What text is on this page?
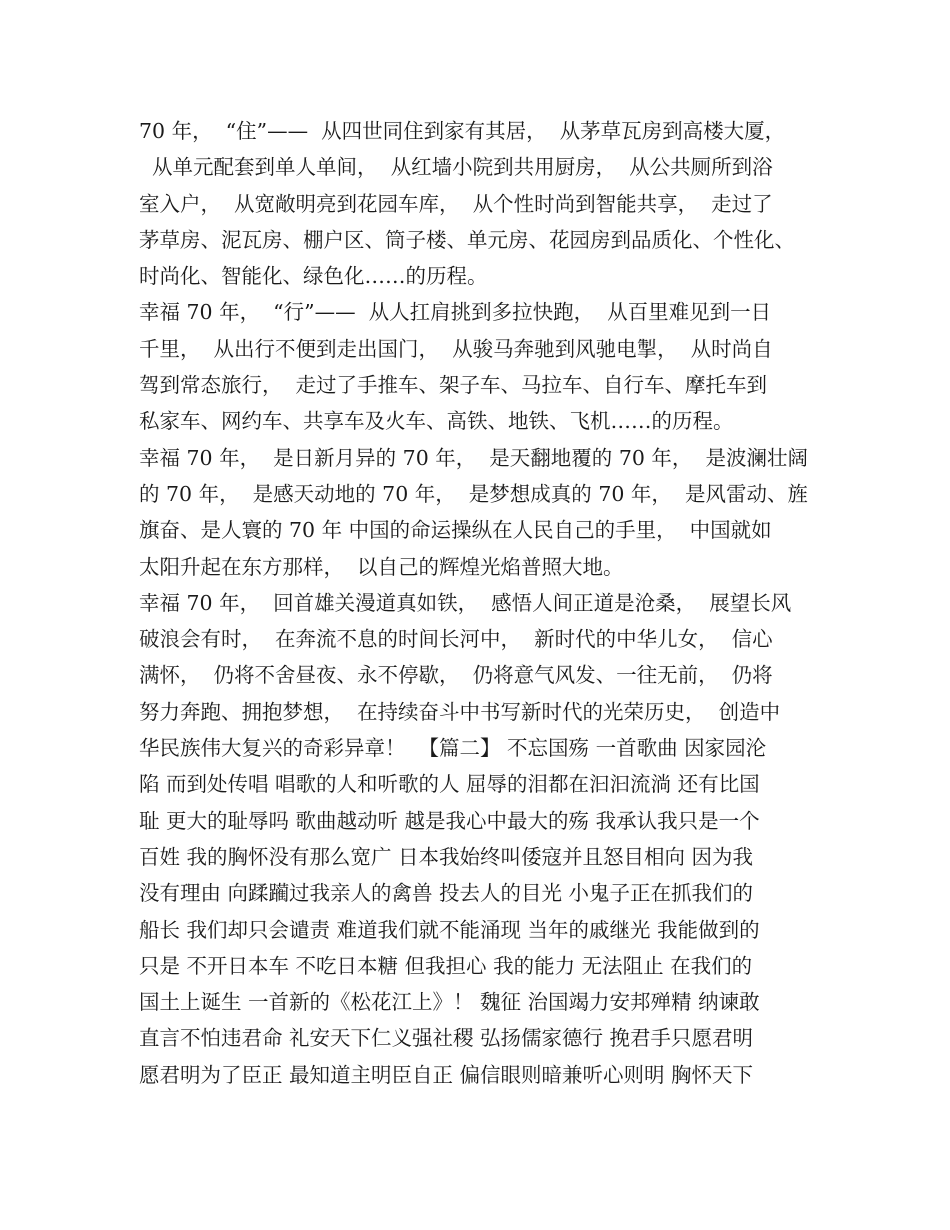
70 年，  “住”——  从四世同住到家有其居，  从茅草瓦房到高楼大厦，
从单元配套到单人单间，  从红墙小院到共用厨房，  从公共厕所到浴
室入户，  从宽敞明亮到花园车库，  从个性时尚到智能共享，  走过了
茅草房、泥瓦房、棚户区、筒子楼、单元房、花园房到品质化、个性化、
时尚化、智能化、绿色化……的历程。
幸福 70 年，  “行”——  从人扛肩挑到多拉快跑，  从百里难见到一日
千里，  从出行不便到走出国门，  从骏马奔驰到风驰电掣，  从时尚自
驾到常态旅行，  走过了手推车、架子车、马拉车、自行车、摩托车到
私家车、网约车、共享车及火车、高铁、地铁、飞机……的历程。
幸福 70 年，  是日新月异的 70 年，  是天翻地覆的 70 年，  是波澜壮阔
的 70 年，  是感天动地的 70 年，  是梦想成真的 70 年，  是风雷动、旌
旗奋、是人寰的 70 年 中国的命运操纵在人民自己的手里，  中国就如
太阳升起在东方那样，  以自己的辉煌光焰普照大地。
幸福 70 年，  回首雄关漫道真如铁，  感悟人间正道是沧桑，  展望长风
破浪会有时，  在奔流不息的时间长河中，  新时代的中华儿女，  信心
满怀，  仍将不舍昼夜、永不停歇，  仍将意气风发、一往无前，  仍将
努力奔跑、拥抱梦想，  在持续奋斗中书写新时代的光荣历史，  创造中
华民族伟大复兴的奇彩异章！  【篇二】 不忘国殇 一首歌曲 因家园沦
陷 而到处传唱 唱歌的人和听歌的人 屈辱的泪都在汩汩流淌 还有比国
耻 更大的耻辱吗 歌曲越动听 越是我心中最大的殇 我承认我只是一个
百姓 我的胸怀没有那么宽广 日本我始终叫倭寇并且怒目相向 因为我
没有理由 向蹂躏过我亲人的禽兽 投去人的目光 小鬼子正在抓我们的
船长 我们却只会谴责 难道我们就不能涌现 当年的戚继光 我能做到的
只是 不开日本车 不吃日本糖 但我担心 我的能力 无法阻止 在我们的
国土上诞生 一首新的《松花江上》！ 魏征 治国竭力安邦殚精 纳谏敢
直言不怕违君命 礼安天下仁义强社稷 弘扬儒家德行 挽君手只愿君明
愿君明为了臣正 最知道主明臣自正 偏信眼则暗兼听心则明 胸怀天下
